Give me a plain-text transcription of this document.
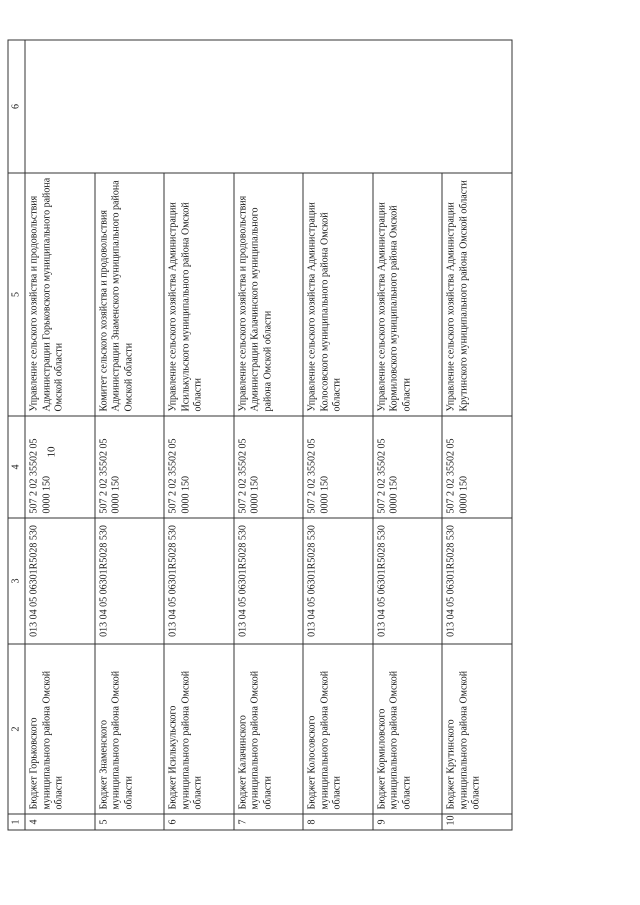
10
1	2	3	4	5	6
4	Бюджет Горьковского муниципального района Омской области	013 04 05 06301R5028 530	507 2 02 35502 05 0000 150	Управление сельского хозяйства и продовольствия Администрации Горьковского муниципального района Омской области	
5	Бюджет Знаменского муниципального района Омской области	013 04 05 06301R5028 530	507 2 02 35502 05 0000 150	Комитет сельского хозяйства и продовольствия Администрации Знаменского муниципального района Омской области	
6	Бюджет Исилькульского муниципального района Омской области	013 04 05 06301R5028 530	507 2 02 35502 05 0000 150	Управление сельского хозяйства Администрации Исилькульского муниципального района Омской области	
7	Бюджет Калачинского муниципального района Омской области	013 04 05 06301R5028 530	507 2 02 35502 05 0000 150	Управление сельского хозяйства и продовольствия Администрации Калачинского муниципального района Омской области	
8	Бюджет Колосовского муниципального района Омской области	013 04 05 06301R5028 530	507 2 02 35502 05 0000 150	Управление сельского хозяйства Администрации Колосовского муниципального района Омской области	
9	Бюджет Кормиловского муниципального района Омской области	013 04 05 06301R5028 530	507 2 02 35502 05 0000 150	Управление сельского хозяйства Администрации Кормиловского муниципального района Омской области	
10	Бюджет Крутинского муниципального района Омской области	013 04 05 06301R5028 530	507 2 02 35502 05 0000 150	Управление сельского хозяйства Администрации Крутинского муниципального района Омской области	
